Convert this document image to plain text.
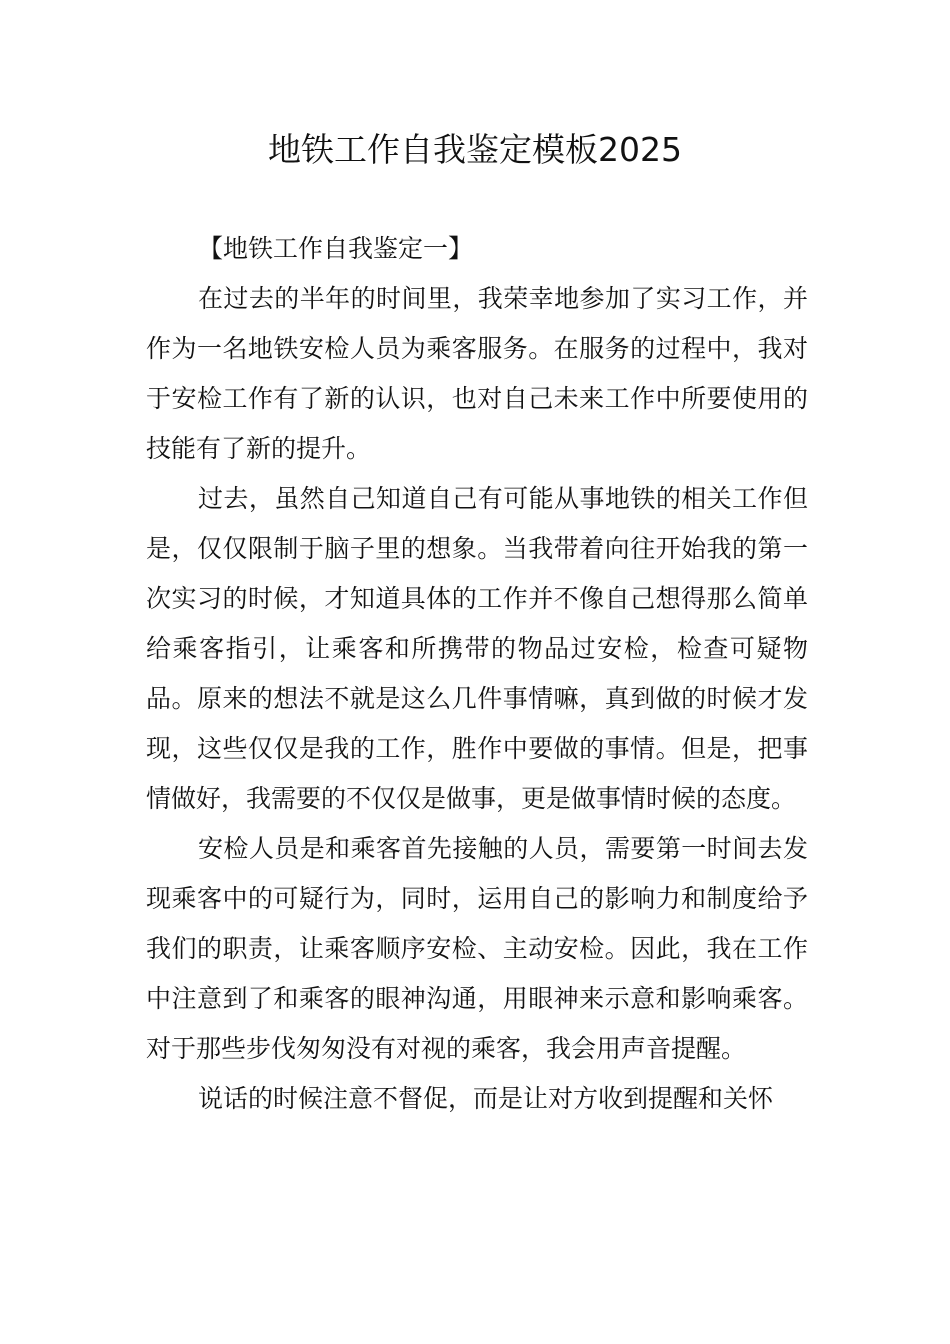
地铁工作自我鉴定模板2025

【地铁工作自我鉴定一】

在过去的半年的时间里，我荣幸地参加了实习工作，并作为一名地铁安检人员为乘客服务。在服务的过程中，我对于安检工作有了新的认识，也对自己未来工作中所要使用的技能有了新的提升。

过去，虽然自己知道自己有可能从事地铁的相关工作但是，仅仅限制于脑子里的想象。当我带着向往开始我的第一次实习的时候，才知道具体的工作并不像自己想得那么简单给乘客指引，让乘客和所携带的物品过安检，检查可疑物品。原来的想法不就是这么几件事情嘛，真到做的时候才发现，这些仅仅是我的工作，胜作中要做的事情。但是，把事情做好，我需要的不仅仅是做事，更是做事情时候的态度。

安检人员是和乘客首先接触的人员，需要第一时间去发现乘客中的可疑行为，同时，运用自己的影响力和制度给予我们的职责，让乘客顺序安检、主动安检。因此，我在工作中注意到了和乘客的眼神沟通，用眼神来示意和影响乘客。对于那些步伐匆匆没有对视的乘客，我会用声音提醒。

说话的时候注意不督促，而是让对方收到提醒和关怀
